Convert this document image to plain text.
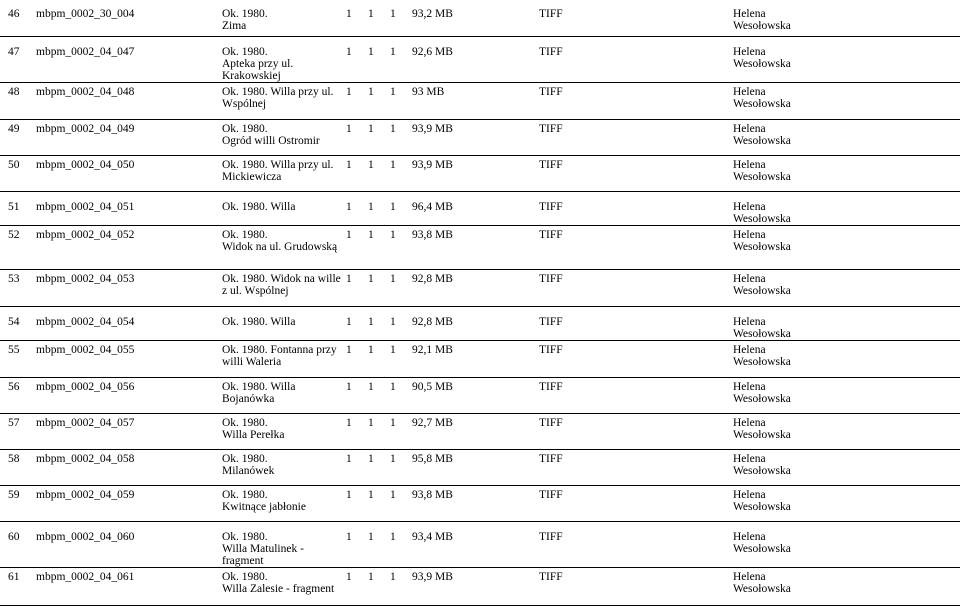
46 mbpm_0002_30_004 Ok. 1980.
Zima	1 1 1 93,2 MB TIFF Helena
Wesołowska

47 mbpm_0002_04_047 Ok. 1980.
Apteka przy ul.
Krakowskiej	1 1 1 92,6 MB TIFF Helena
Wesołowska

48 mbpm_0002_04_048 Ok. 1980. Willa przy ul.
Wspólnej	1 1 1 93 MB TIFF Helena
Wesołowska

49 mbpm_0002_04_049 Ok. 1980.
Ogród willi Ostromir	1 1 1 93,9 MB TIFF Helena
Wesołowska

50 mbpm_0002_04_050 Ok. 1980. Willa przy ul.
Mickiewicza	1 1 1 93,9 MB TIFF Helena
Wesołowska

51 mbpm_0002_04_051 Ok. 1980. Willa	1 1 1 96,4 MB TIFF Helena
Wesołowska

52 mbpm_0002_04_052 Ok. 1980.
Widok na ul. Grudowską	1 1 1 93,8 MB TIFF Helena
Wesołowska

53 mbpm_0002_04_053 Ok. 1980. Widok na wille
z ul. Wspólnej	1 1 1 92,8 MB TIFF Helena
Wesołowska

54 mbpm_0002_04_054 Ok. 1980. Willa	1 1 1 92,8 MB TIFF Helena
Wesołowska

55 mbpm_0002_04_055 Ok. 1980. Fontanna przy
willi Waleria	1 1 1 92,1 MB TIFF Helena
Wesołowska

56 mbpm_0002_04_056 Ok. 1980. Willa
Bojanówka	1 1 1 90,5 MB TIFF Helena
Wesołowska

57 mbpm_0002_04_057 Ok. 1980.
Willa Perełka	1 1 1 92,7 MB TIFF Helena
Wesołowska

58 mbpm_0002_04_058 Ok. 1980.
Milanówek	1 1 1 95,8 MB TIFF Helena
Wesołowska

59 mbpm_0002_04_059 Ok. 1980.
Kwitnące jabłonie	1 1 1 93,8 MB TIFF Helena
Wesołowska

60 mbpm_0002_04_060 Ok. 1980.
Willa Matulinek -
fragment	1 1 1 93,4 MB TIFF Helena
Wesołowska

61 mbpm_0002_04_061 Ok. 1980.
Willa Zalesie - fragment	1 1 1 93,9 MB TIFF Helena
Wesołowska
